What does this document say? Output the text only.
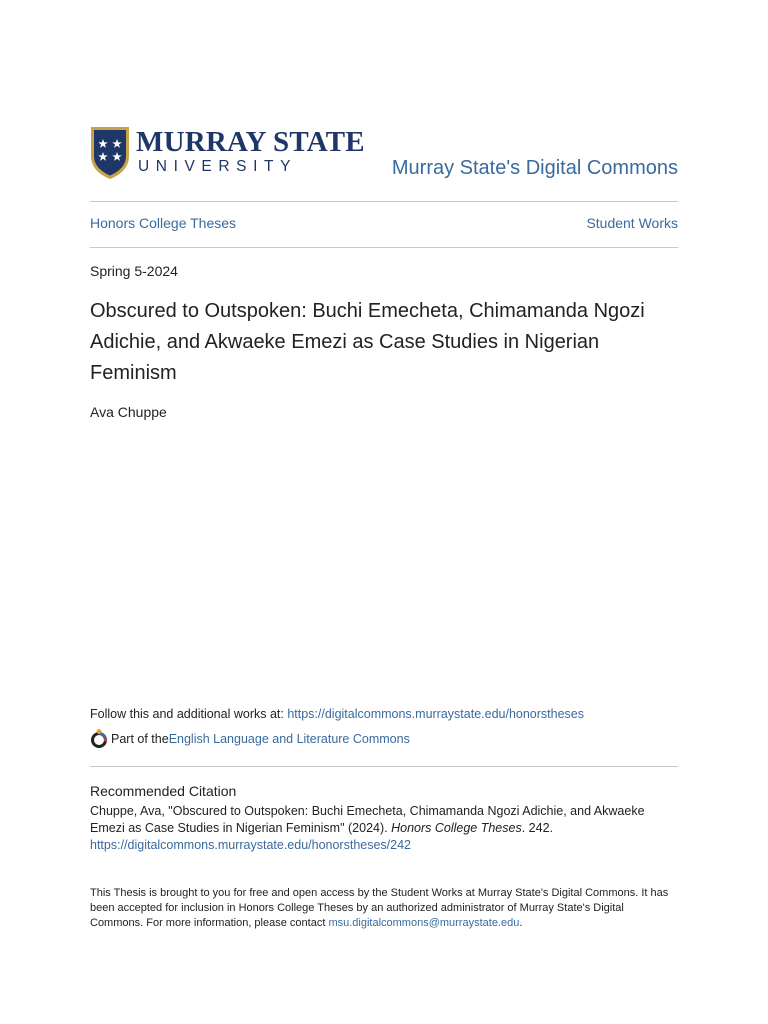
MURRAY STATE
UNIVERSITY	Murray State's Digital Commons
Honors College Theses	Student Works
Spring 5-2024
Obscured to Outspoken: Buchi Emecheta, Chimamanda Ngozi Adichie, and Akwaeke Emezi as Case Studies in Nigerian Feminism
Ava Chuppe
Follow this and additional works at: https://digitalcommons.murraystate.edu/honorstheses
Part of the English Language and Literature Commons
Recommended Citation
Chuppe, Ava, "Obscured to Outspoken: Buchi Emecheta, Chimamanda Ngozi Adichie, and Akwaeke Emezi as Case Studies in Nigerian Feminism" (2024). Honors College Theses. 242.
https://digitalcommons.murraystate.edu/honorstheses/242
This Thesis is brought to you for free and open access by the Student Works at Murray State's Digital Commons. It has been accepted for inclusion in Honors College Theses by an authorized administrator of Murray State's Digital Commons. For more information, please contact msu.digitalcommons@murraystate.edu.
